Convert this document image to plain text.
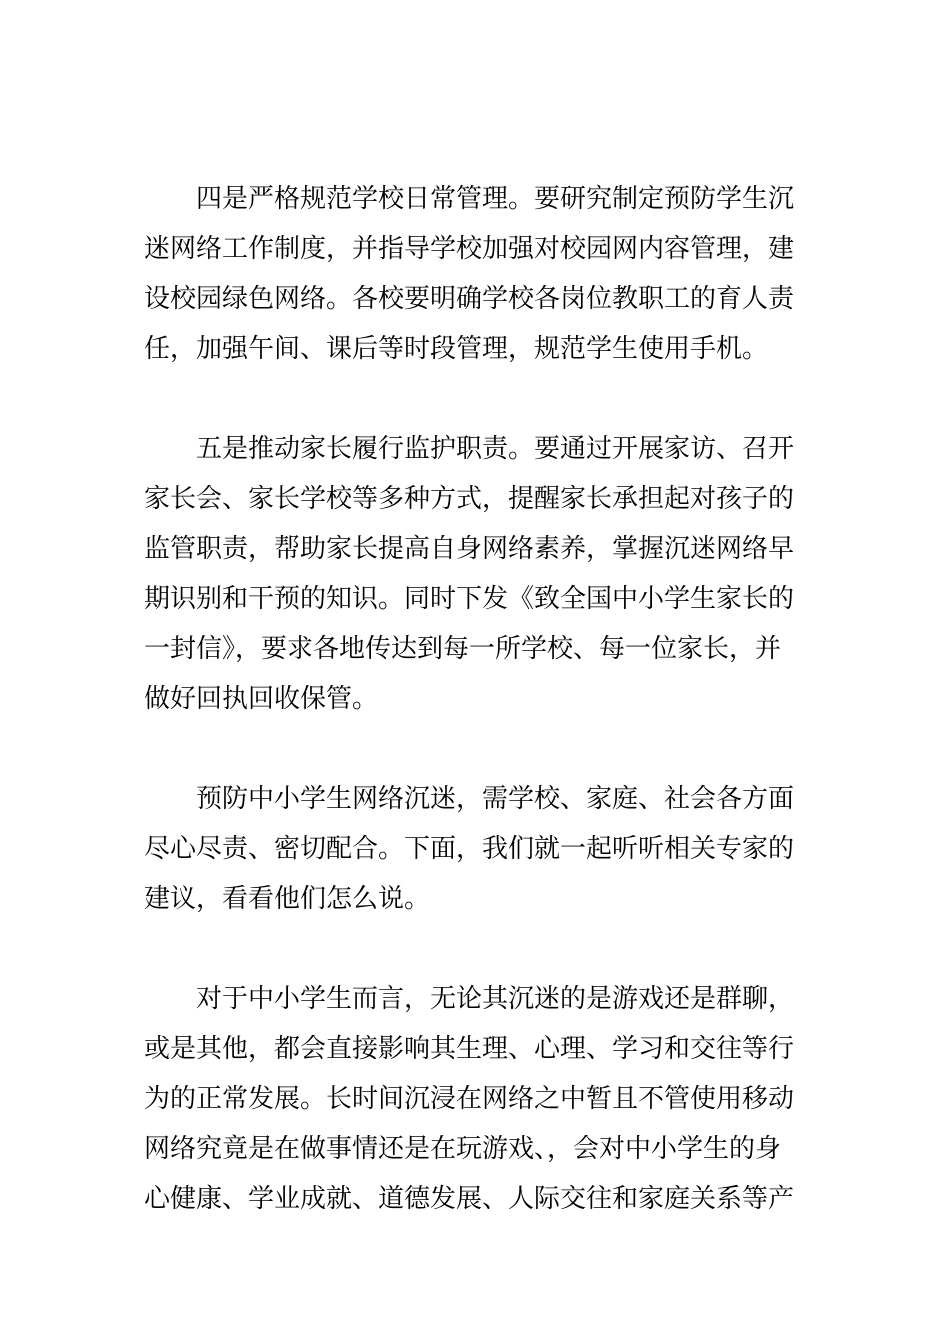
四是严格规范学校日常管理。要研究制定预防学生沉
迷网络工作制度，并指导学校加强对校园网内容管理，建
设校园绿色网络。各校要明确学校各岗位教职工的育人责
任，加强午间、课后等时段管理，规范学生使用手机。
五是推动家长履行监护职责。要通过开展家访、召开
家长会、家长学校等多种方式，提醒家长承担起对孩子的
监管职责，帮助家长提高自身网络素养，掌握沉迷网络早
期识别和干预的知识。同时下发《致全国中小学生家长的
一封信》，要求各地传达到每一所学校、每一位家长，并
做好回执回收保管。
预防中小学生网络沉迷，需学校、家庭、社会各方面
尽心尽责、密切配合。下面，我们就一起听听相关专家的
建议，看看他们怎么说。
对于中小学生而言，无论其沉迷的是游戏还是群聊，
或是其他，都会直接影响其生理、心理、学习和交往等行
为的正常发展。长时间沉浸在网络之中暂且不管使用移动
网络究竟是在做事情还是在玩游戏、，会对中小学生的身
心健康、学业成就、道德发展、人际交往和家庭关系等产
